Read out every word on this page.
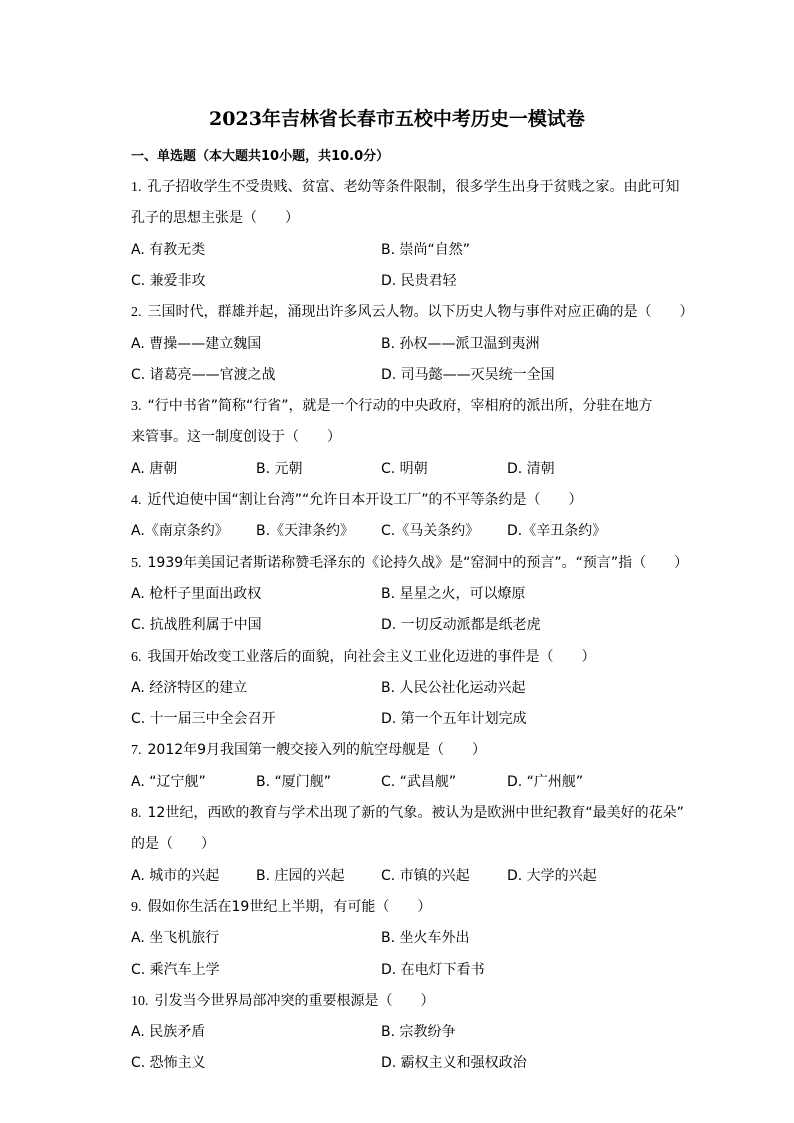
2023年吉林省长春市五校中考历史一模试卷
一、单选题（本大题共10小题，共10.0分）
1. 孔子招收学生不受贵贱、贫富、老幼等条件限制，很多学生出身于贫贱之家。由此可知
孔子的思想主张是（　　）
A. 有教无类	B. 崇尚“自然”
C. 兼爱非攻	D. 民贵君轻
2. 三国时代，群雄并起，涌现出许多风云人物。以下历史人物与事件对应正确的是（　　）
A. 曹操——建立魏国	B. 孙权——派卫温到夷洲
C. 诸葛亮——官渡之战	D. 司马懿——灭吴统一全国
3. “行中书省”简称“行省”，就是一个行动的中央政府，宰相府的派出所，分驻在地方
来管事。这一制度创设于（　　）
A. 唐朝	B. 元朝	C. 明朝	D. 清朝
4. 近代迫使中国“割让台湾”“允许日本开设工厂”的不平等条约是（　　）
A.《南京条约》 B.《天津条约》 C.《马关条约》 D.《辛丑条约》
5. 1939年美国记者斯诺称赞毛泽东的《论持久战》是“窑洞中的预言”。“预言”指（　　）
A. 枪杆子里面出政权	B. 星星之火，可以燎原
C. 抗战胜利属于中国	D. 一切反动派都是纸老虎
6. 我国开始改变工业落后的面貌，向社会主义工业化迈进的事件是（　　）
A. 经济特区的建立	B. 人民公社化运动兴起
C. 十一届三中全会召开	D. 第一个五年计划完成
7. 2012年9月我国第一艘交接入列的航空母舰是（　　）
A. “辽宁舰”	B. “厦门舰”	C. “武昌舰”	D. “广州舰”
8. 12世纪，西欧的教育与学术出现了新的气象。被认为是欧洲中世纪教育“最美好的花朵”
的是（　　）
A. 城市的兴起	B. 庄园的兴起	C. 市镇的兴起	D. 大学的兴起
9. 假如你生活在19世纪上半期，有可能（　　）
A. 坐飞机旅行	B. 坐火车外出
C. 乘汽车上学	D. 在电灯下看书
10. 引发当今世界局部冲突的重要根源是（　　）
A. 民族矛盾	B. 宗教纷争
C. 恐怖主义	D. 霸权主义和强权政治
